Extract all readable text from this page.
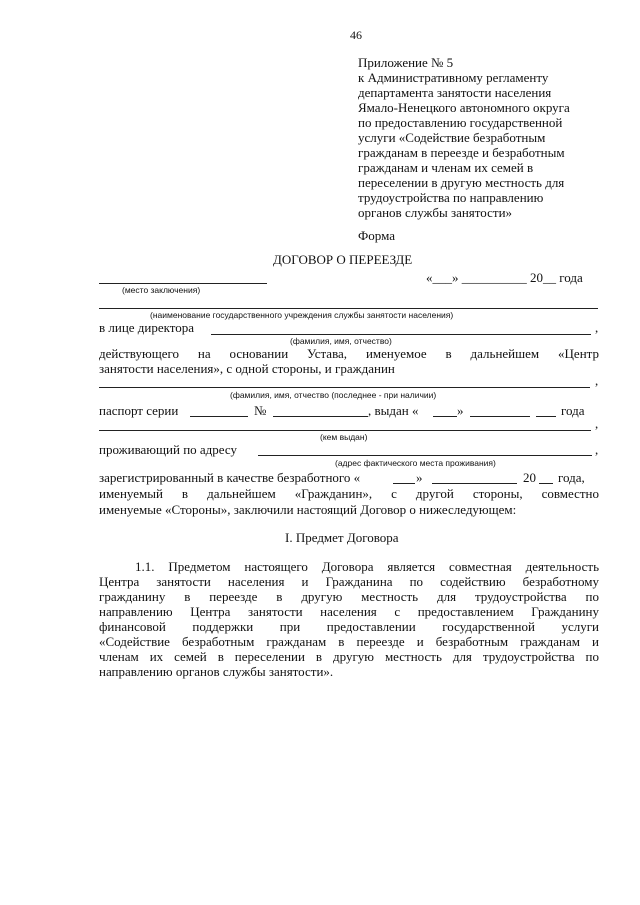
46
Приложение № 5
к Административному регламенту
департамента занятости населения
Ямало-Ненецкого автономного округа
по предоставлению государственной
услуги «Содействие безработным
гражданам в переезде и безработным
гражданам и членам их семей в
переселении в другую местность для
трудоустройства по направлению
органов службы занятости»
Форма
ДОГОВОР О ПЕРЕЕЗДЕ
«___» __________ 20__ года
(место заключения)
(наименование государственного учреждения службы занятости населения)
в лице директора	,
(фамилия, имя, отчество)
действующего на основании Устава, именуемое в дальнейшем «Центр
занятости населения», с одной стороны, и гражданин
,
(фамилия, имя, отчество (последнее - при наличии)
паспорт серии	№	, выдан «	»	года
,
(кем выдан)
проживающий по адресу	,
(адрес фактического места проживания)
зарегистрированный в качестве безработного «	»	20 года,
именуемый в дальнейшем «Гражданин», с другой стороны, совместно
именуемые «Стороны», заключили настоящий Договор о нижеследующем:
I. Предмет Договора
1.1. Предметом настоящего Договора является совместная деятельность
Центра занятости населения и Гражданина по содействию безработному
гражданину в переезде в другую местность для трудоустройства по
направлению Центра занятости населения с предоставлением Гражданину
финансовой поддержки при предоставлении государственной услуги
«Содействие безработным гражданам в переезде и безработным гражданам и
членам их семей в переселении в другую местность для трудоустройства по
направлению органов службы занятости».
